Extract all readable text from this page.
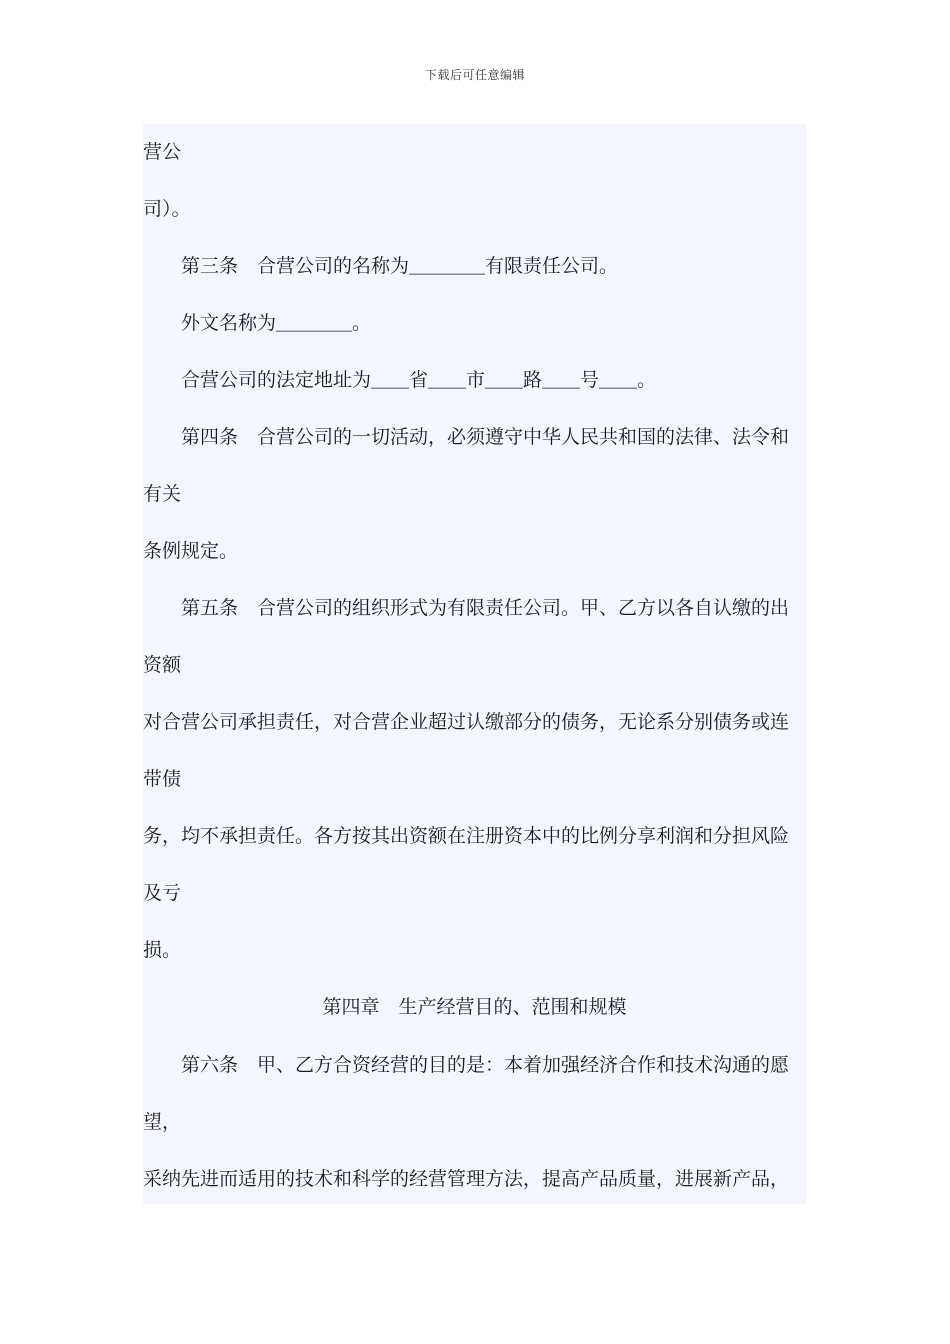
下载后可任意编辑
营公
司）。
第三条　合营公司的名称为＿＿＿＿有限责任公司。
外文名称为＿＿＿＿。
合营公司的法定地址为＿＿省＿＿市＿＿路＿＿号＿＿。
第四条　合营公司的一切活动，必须遵守中华人民共和国的法律、法令和
有关
条例规定。
第五条　合营公司的组织形式为有限责任公司。甲、乙方以各自认缴的出
资额
对合营公司承担责任，对合营企业超过认缴部分的债务，无论系分别债务或连
带债
务，均不承担责任。各方按其出资额在注册资本中的比例分享利润和分担风险
及亏
损。
第四章　生产经营目的、范围和规模
第六条　甲、乙方合资经营的目的是：本着加强经济合作和技术沟通的愿
望，
采纳先进而适用的技术和科学的经营管理方法，提高产品质量，进展新产品，
